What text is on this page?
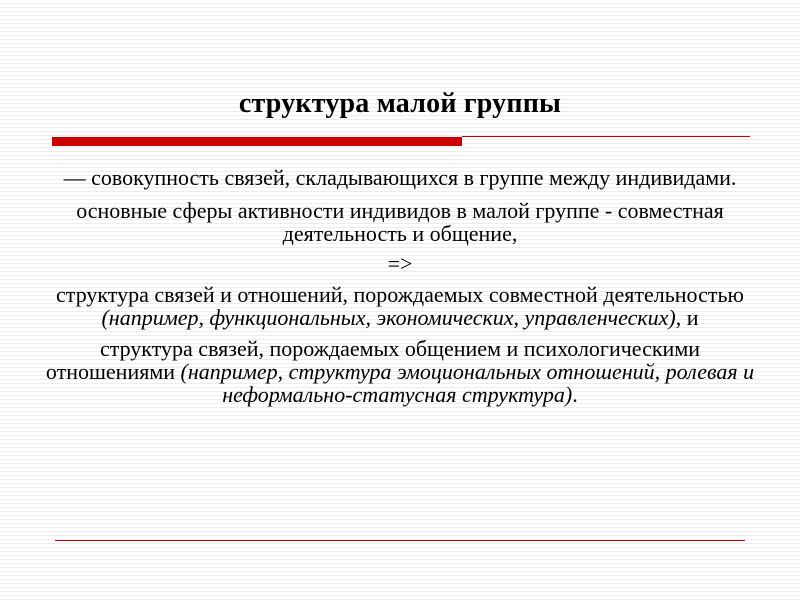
структура малой группы

— совокупность связей, складывающихся в группе между индивидами.

основные сферы активности индивидов в малой группе - совместная деятельность и общение,

=>

структура связей и отношений, порождаемых совместной деятельностью (например, функциональных, экономических, управленческих), и

структура связей, порождаемых общением и психологическими отношениями (например, структура эмоциональных отношений, ролевая и неформально-статусная структура).
